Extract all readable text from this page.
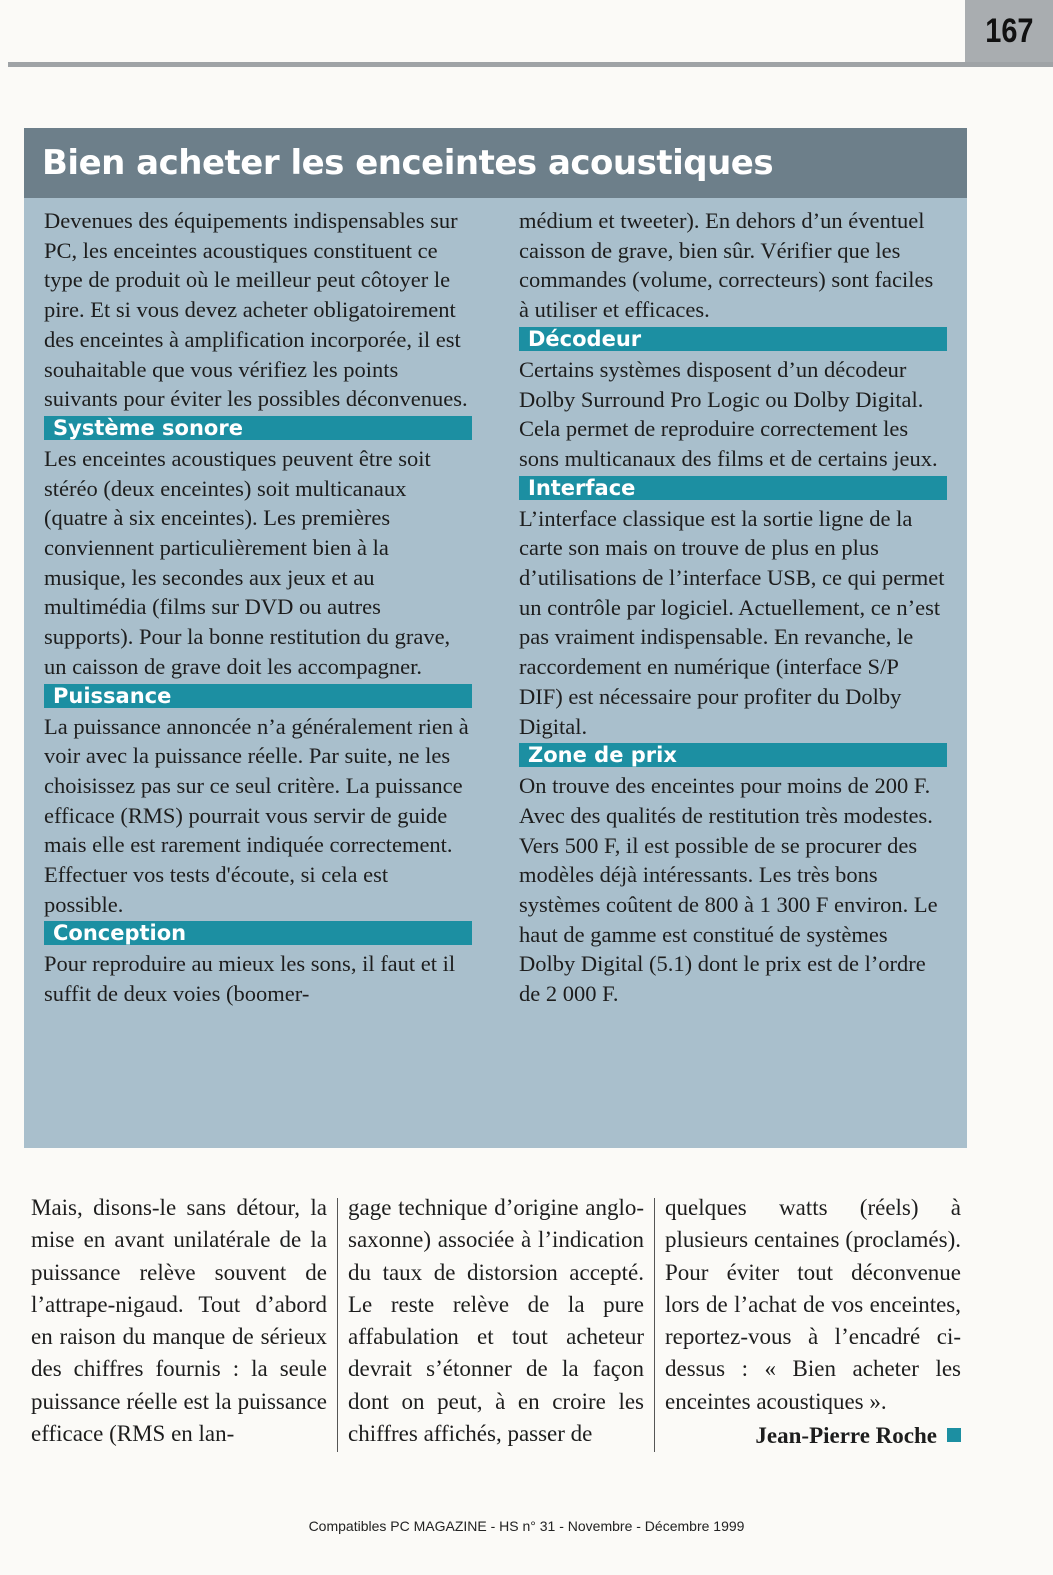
167
Bien acheter les enceintes acoustiques

Devenues des équipements indispensables sur PC, les enceintes acoustiques constituent ce type de produit où le meilleur peut côtoyer le pire. Et si vous devez acheter obligatoirement des enceintes à amplification incorporée, il est souhaitable que vous vérifiez les points suivants pour éviter les possibles déconvenues.

Système sonore

Les enceintes acoustiques peuvent être soit stéréo (deux enceintes) soit multicanaux (quatre à six enceintes). Les premières conviennent particulièrement bien à la musique, les secondes aux jeux et au multimédia (films sur DVD ou autres supports). Pour la bonne restitution du grave, un caisson de grave doit les accompagner.

Puissance

La puissance annoncée n’a généralement rien à voir avec la puissance réelle. Par suite, ne les choisissez pas sur ce seul critère. La puissance efficace (RMS) pourrait vous servir de guide mais elle est rarement indiquée correctement. Effectuer vos tests d'écoute, si cela est possible.

Conception

Pour reproduire au mieux les sons, il faut et il suffit de deux voies (boomer-

médium et tweeter). En dehors d’un éventuel caisson de grave, bien sûr. Vérifier que les commandes (volume, correcteurs) sont faciles à utiliser et efficaces.

Décodeur

Certains systèmes disposent d’un décodeur Dolby Surround Pro Logic ou Dolby Digital. Cela permet de reproduire correctement les sons multicanaux des films et de certains jeux.

Interface

L’interface classique est la sortie ligne de la carte son mais on trouve de plus en plus d’utilisations de l’interface USB, ce qui permet un contrôle par logiciel. Actuellement, ce n’est pas vraiment indispensable. En revanche, le raccordement en numérique (interface S/P DIF) est nécessaire pour profiter du Dolby Digital.

Zone de prix

On trouve des enceintes pour moins de 200 F. Avec des qualités de restitution très modestes. Vers 500 F, il est possible de se procurer des modèles déjà intéressants. Les très bons systèmes coûtent de 800 à 1 300 F environ. Le haut de gamme est constitué de systèmes Dolby Digital (5.1) dont le prix est de l’ordre de 2 000 F.

Mais, disons-le sans détour, la mise en avant unilatérale de la puissance relève souvent de l’attrape-nigaud. Tout d’abord en raison du manque de sérieux des chiffres fournis : la seule puissance réelle est la puissance efficace (RMS en lan-

gage technique d’origine anglo-saxonne) associée à l’indication du taux de distorsion accepté. Le reste relève de la pure affabulation et tout acheteur devrait s’étonner de la façon dont on peut, à en croire les chiffres affichés, passer de

quelques watts (réels) à plusieurs centaines (proclamés). Pour éviter tout déconvenue lors de l’achat de vos enceintes, reportez-vous à l’encadré ci-dessus : « Bien acheter les enceintes acoustiques ».

Jean-Pierre Roche
Compatibles PC MAGAZINE - HS n° 31 - Novembre - Décembre 1999
